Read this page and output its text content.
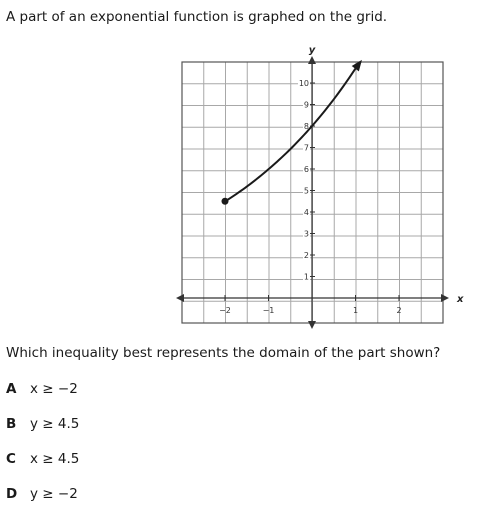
A part of an exponential function is graphed on the grid.
x
y
−2	−1	1	2
1
2
3
4
5
6
7
8
9
10
Which inequality best represents the domain of the part shown?
A	x ≥ −2
B	y ≥ 4.5
C	x ≥ 4.5
D y ≥ −2
